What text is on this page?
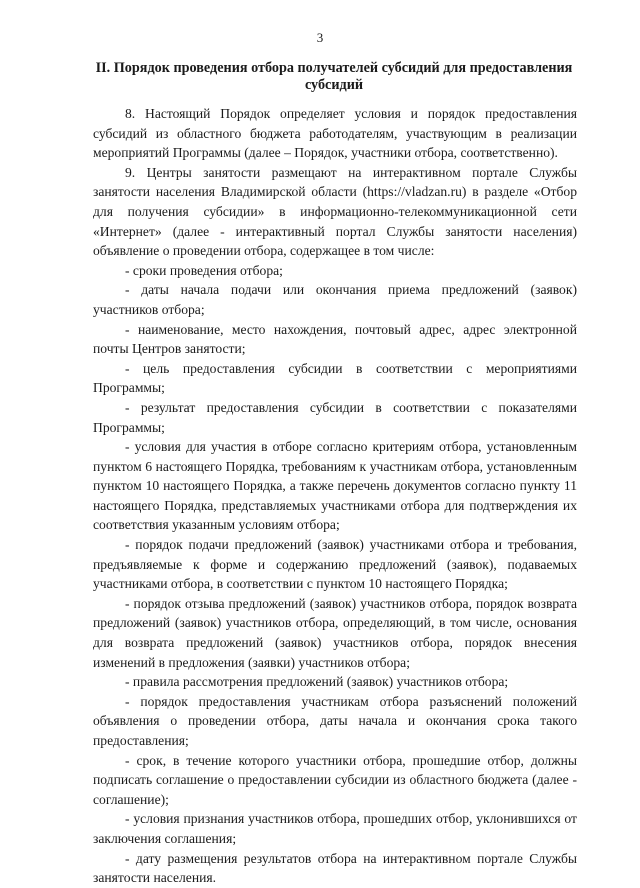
3
II. Порядок проведения отбора получателей субсидий для предоставления субсидий

8. Настоящий Порядок определяет условия и порядок предоставления субсидий из областного бюджета работодателям, участвующим в реализации мероприятий Программы (далее – Порядок, участники отбора, соответственно).

9. Центры занятости размещают на интерактивном портале Службы занятости населения Владимирской области (https://vladzan.ru) в разделе «Отбор для получения субсидии» в информационно-телекоммуникационной сети «Интернет» (далее - интерактивный портал Службы занятости населения) объявление о проведении отбора, содержащее в том числе:

- сроки проведения отбора;

- даты начала подачи или окончания приема предложений (заявок) участников отбора;

- наименование, место нахождения, почтовый адрес, адрес электронной почты Центров занятости;

- цель предоставления субсидии в соответствии с мероприятиями Программы;

- результат предоставления субсидии в соответствии с показателями Программы;

- условия для участия в отборе согласно критериям отбора, установленным пунктом 6 настоящего Порядка, требованиям к участникам отбора, установленным пунктом 10 настоящего Порядка, а также перечень документов согласно пункту 11 настоящего Порядка, представляемых участниками отбора для подтверждения их соответствия указанным условиям отбора;

- порядок подачи предложений (заявок) участниками отбора и требования, предъявляемые к форме и содержанию предложений (заявок), подаваемых участниками отбора, в соответствии с пунктом 10 настоящего Порядка;

- порядок отзыва предложений (заявок) участников отбора, порядок возврата предложений (заявок) участников отбора, определяющий, в том числе, основания для возврата предложений (заявок) участников отбора, порядок внесения изменений в предложения (заявки) участников отбора;

- правила рассмотрения предложений (заявок) участников отбора;

- порядок предоставления участникам отбора разъяснений положений объявления о проведении отбора, даты начала и окончания срока такого предоставления;

- срок, в течение которого участники отбора, прошедшие отбор, должны подписать соглашение о предоставлении субсидии из областного бюджета (далее - соглашение);

- условия признания участников отбора, прошедших отбор, уклонившихся от заключения соглашения;

- дату размещения результатов отбора на интерактивном портале Службы занятости населения.
